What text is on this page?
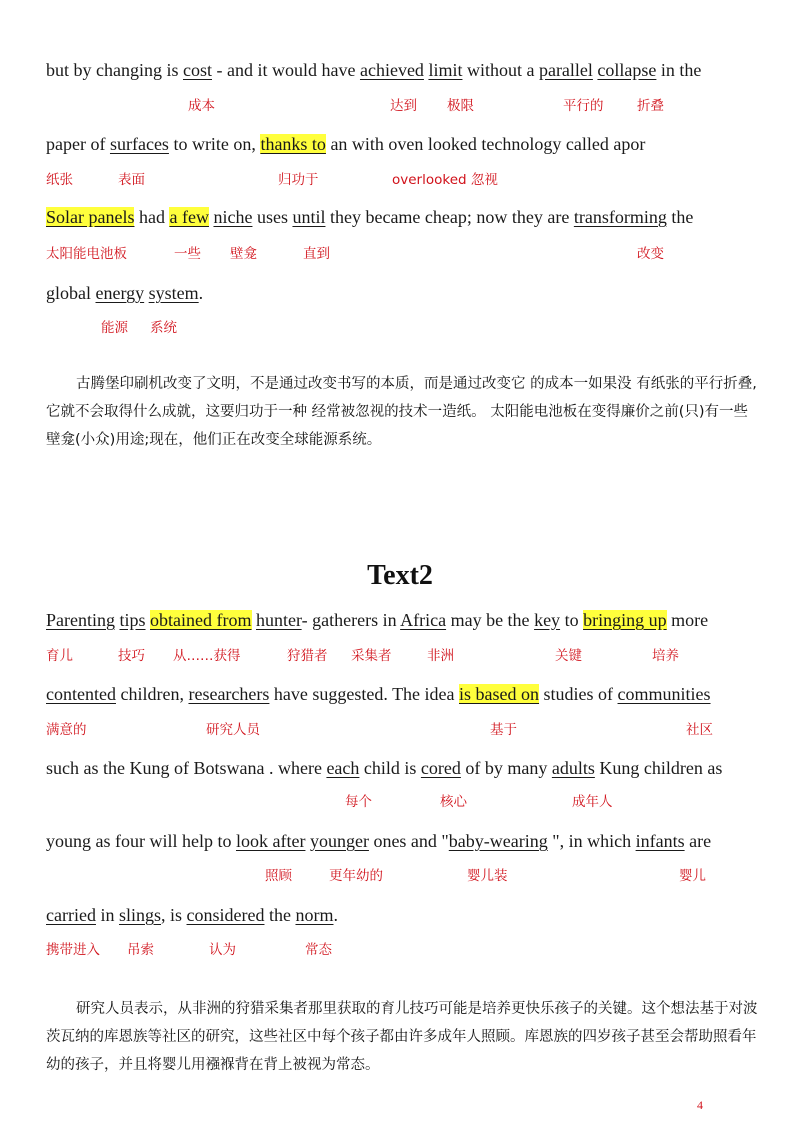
but by changing is cost - and it would have achieved limit without a parallel collapse in the
成本	达到 极限	平行的 折叠
paper of surfaces to write on, thanks to an with oven looked technology called apor
纸张	表面	归功于	overlooked 忽视
Solar panels had a few niche uses until they became cheap; now they are transforming the
太阳能电池板	一些 壁龛	直到	改变
global energy system.
能源 系统
古腾堡印刷机改变了文明，不是通过改变书写的本质，而是通过改变它 的成本一如果没 有纸张的平行折叠,它就不会取得什么成就，这要归功于一种 经常被忽视的技术一造纸。 太阳能电池板在变得廉价之前(只)有一些壁龛(小众)用途;现在，他们正在改变全球能源系统。
Text2
Parenting tips obtained from hunter- gatherers in Africa may be the key to bringing up more
育儿	技巧 从……获得	狩猎者 采集者	非洲	关键	培养
contented children, researchers have suggested. The idea is based on studies of communities
满意的	研究人员	基于	社区
such as the Kung of Botswana . where each child is cored of by many adults Kung children as
每个	核心	成年人
young as four will help to look after younger ones and "baby-wearing ", in which infants are
照顾	更年幼的	婴儿装	婴儿
carried in slings, is considered the norm.
携带进入 吊索	认为	常态
研究人员表示，从非洲的狩猎采集者那里获取的育儿技巧可能是培养更快乐孩子的关键。这个想法基于对波茨瓦纳的库恩族等社区的研究，这些社区中每个孩子都由许多成年人照顾。库恩族的四岁孩子甚至会帮助照看年幼的孩子，并且将婴儿用襁褓背在背上被视为常态。
4
